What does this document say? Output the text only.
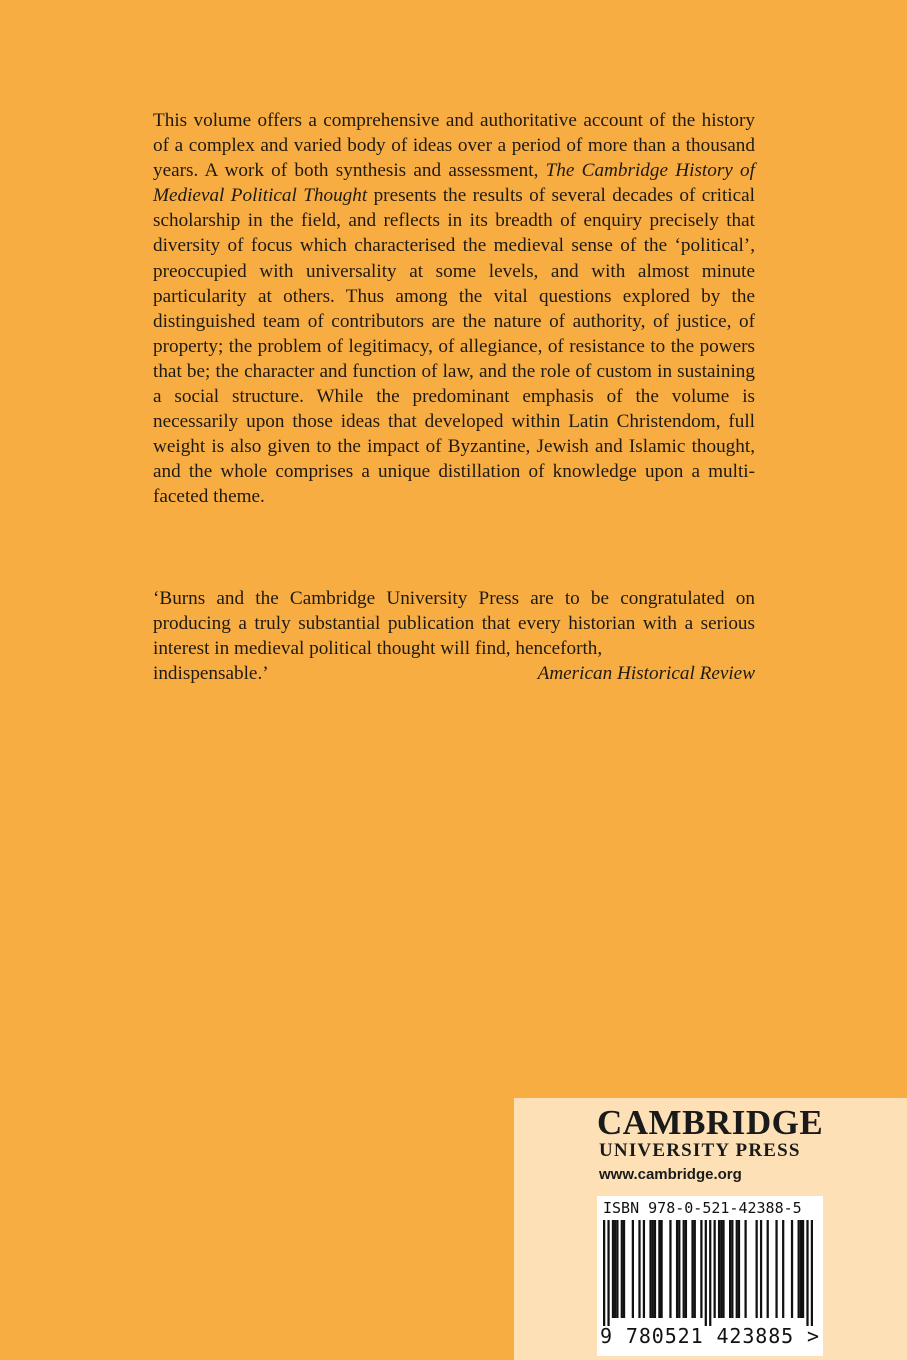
This volume offers a comprehensive and authoritative account of the history of a complex and varied body of ideas over a period of more than a thousand years. A work of both synthesis and assessment, The Cambridge History of Medieval Political Thought presents the results of several decades of critical scholarship in the field, and reflects in its breadth of enquiry precisely that diversity of focus which characterised the medieval sense of the ‘political’, preoccupied with universality at some levels, and with almost minute particularity at others. Thus among the vital questions explored by the distinguished team of contributors are the nature of authority, of justice, of property; the problem of legitimacy, of allegiance, of resistance to the powers that be; the character and function of law, and the role of custom in sustaining a social structure. While the predominant emphasis of the volume is necessarily upon those ideas that developed within Latin Christendom, full weight is also given to the impact of Byzantine, Jewish and Islamic thought, and the whole comprises a unique distillation of knowledge upon a multi-faceted theme.

‘Burns and the Cambridge University Press are to be congratulated on producing a truly substantial publication that every historian with a serious interest in medieval political thought will find, henceforth,
indispensable.’	American Historical Review
CAMBRIDGE
UNIVERSITY PRESS
www.cambridge.org
ISBN 978-0-521-42388-5
9 780521 423885 >
